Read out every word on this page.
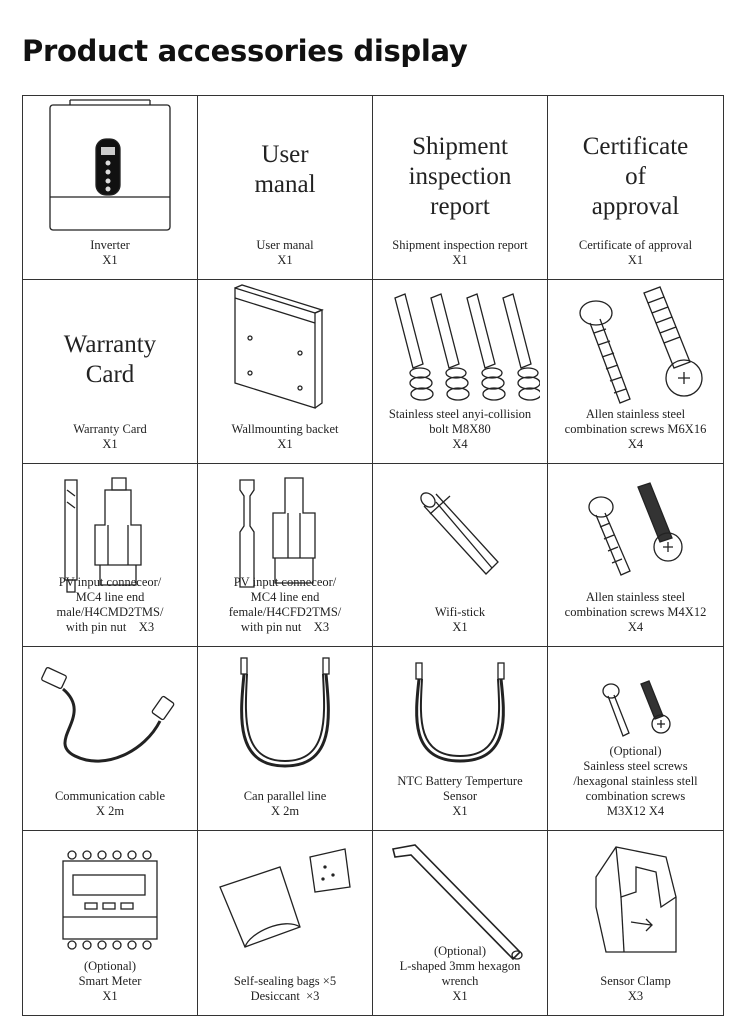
Product accessories display
Inverter
X1
User
manal
User manal
X1
Shipment
inspection
report
Shipment inspection report
X1
Certificate
of
approval
Certificate of approval
X1
Warranty
Card
Warranty Card
X1
Wallmounting backet
X1
Stainless steel anyi-collision
bolt M8X80
X4
Allen stainless steel
combination screws M6X16
X4
PV input conneceor/
MC4 line end
male/H4CMD2TMS/
with pin nut    X3
PV input conneceor/
MC4 line end
female/H4CFD2TMS/
with pin nut    X3
Wifi-stick
X1
Allen stainless steel
combination screws M4X12
X4
Communication cable
X 2m
Can parallel line
X 2m
NTC Battery Temperture
Sensor
X1
(Optional)
Sainless steel screws
/hexagonal stainless stell
combination screws
M3X12 X4
(Optional)
Smart Meter
X1
Self-sealing bags ×5
Desiccant  ×3
(Optional)
L-shaped 3mm hexagon
wrench
X1
Sensor Clamp
X3
